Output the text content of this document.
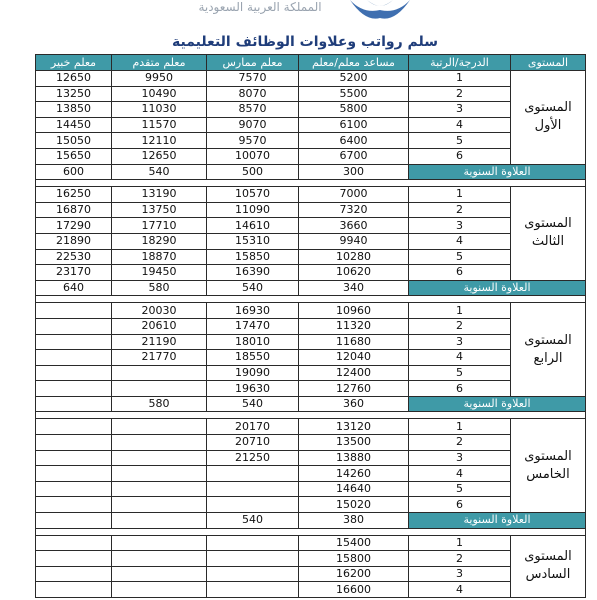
المملكة العربية السعودية
سلم رواتب وعلاوات الوظائف التعليمية
معلم خبير	معلم متقدم	معلم ممارس	مساعد معلم/معلم	الدرجة/الرتبة	المستوى
12650	9950	7570	5200	1	المستوى الأول
13250	10490	8070	5500	2	
13850	11030	8570	5800	3	
14450	11570	9070	6100	4	
15050	12110	9570	6400	5	
15650	12650	10070	6700	6	
600	540	500	300	العلاوة السنوية	

16250	13190	10570	7000	1	المستوى الثالث
16870	13750	11090	7320	2	
17290	17710	14610	3660	3	
21890	18290	15310	9940	4	
22530	18870	15850	10280	5	
23170	19450	16390	10620	6	
640	580	540	340	العلاوة السنوية	

	20030	16930	10960	1	المستوى الرابع
	20610	17470	11320	2	
	21190	18010	11680	3	
	21770	18550	12040	4	
		19090	12400	5	
		19630	12760	6	
	580	540	360	العلاوة السنوية	

		20170	13120	1	المستوى الخامس
		20710	13500	2	
		21250	13880	3	
			14260	4	
			14640	5	
			15020	6	
		540	380	العلاوة السنوية	

			15400	1	المستوى السادس
			15800	2	
			16200	3	
			16600	4	
